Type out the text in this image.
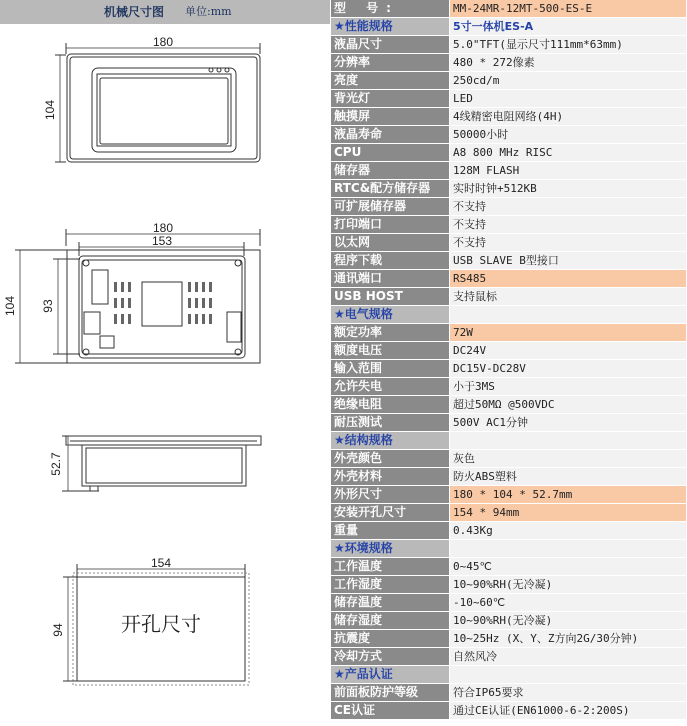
机械尺寸图 单位:mm
180
104
180
153
104 93
52.7
154
94	开孔尺寸
型 号:	MM-24MR-12MT-500-ES-E
★性能规格	5寸一体机ES-A
液晶尺寸	5.0"TFT(显示尺寸111mm*63mm)
分辨率	480 * 272像素
亮度	250cd/m
背光灯	LED
触摸屏	4线精密电阻网络(4H)
液晶寿命	50000小时
CPU	A8 800 MHz RISC
储存器	128M FLASH
RTC&配方储存器	实时时钟+512KB
可扩展储存器	不支持
打印端口	不支持
以太网	不支持
程序下载	USB SLAVE B型接口
通讯端口	RS485
USB HOST	支持鼠标
★电气规格	
额定功率	72W
额度电压	DC24V
输入范围	DC15V-DC28V
允许失电	小于3MS
绝缘电阻	超过50MΩ @500VDC
耐压测试	500V AC1分钟
★结构规格	
外壳颜色	灰色
外壳材料	防火ABS塑料
外形尺寸	180 * 104 * 52.7mm
安装开孔尺寸	154 * 94mm
重量	0.43Kg
★环境规格	
工作温度	0~45℃
工作湿度	10~90%RH(无冷凝)
储存温度	-10~60℃
储存湿度	10~90%RH(无冷凝)
抗震度	10~25Hz (X、Y、Z方向2G/30分钟)
冷却方式	自然风冷
★产品认证	
前面板防护等级	符合IP65要求
CE认证	通过CE认证(EN61000-6-2:200S)
